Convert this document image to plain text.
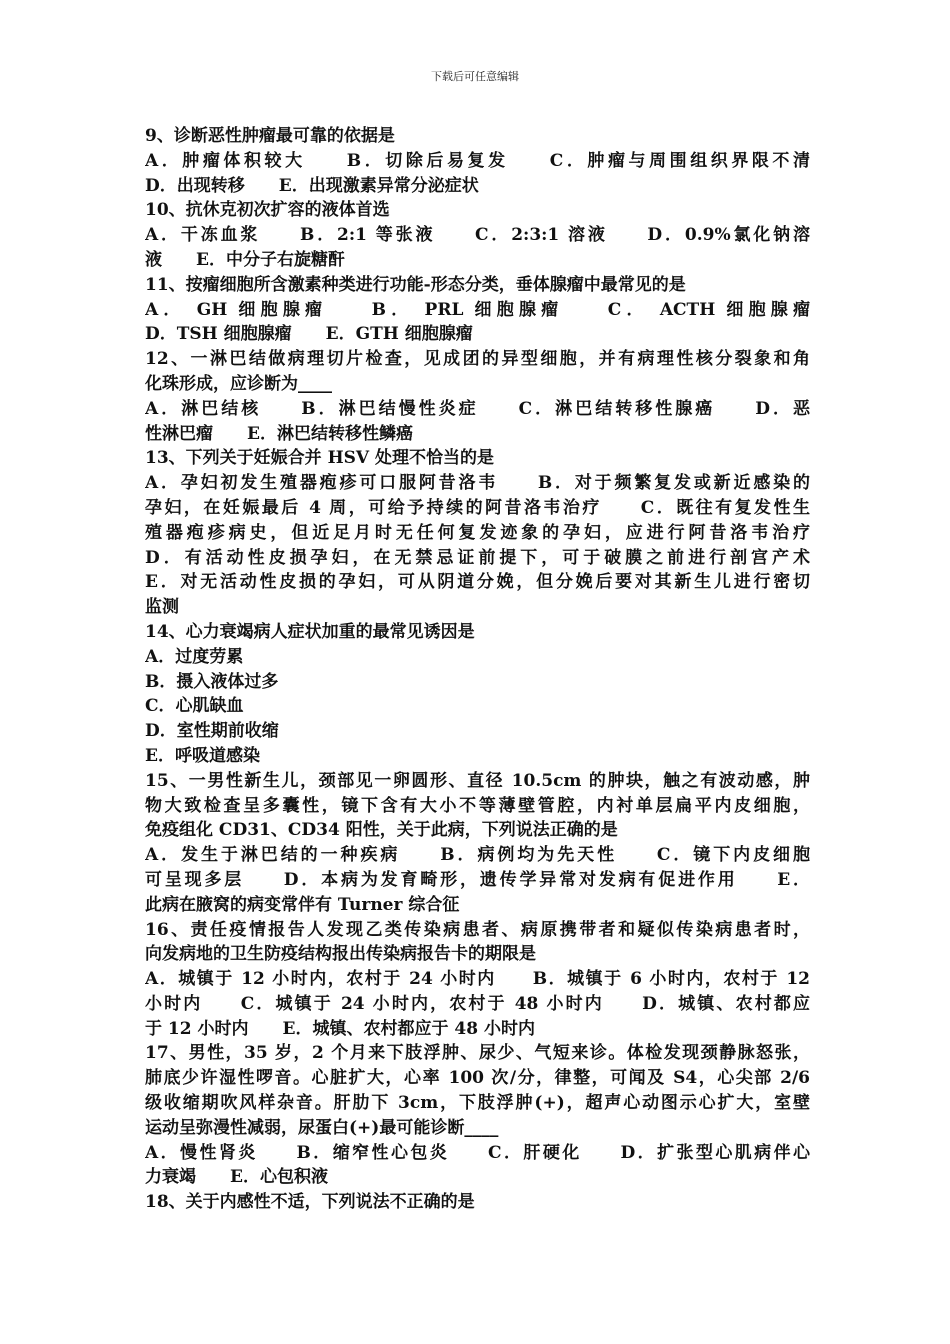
下载后可任意编辑
9、诊断恶性肿瘤最可靠的依据是
A．肿瘤体积较大　　B．切除后易复发　　C．肿瘤与周围组织界限不清
D．出现转移　　E．出现激素异常分泌症状
10、抗休克初次扩容的液体首选
A．干冻血浆　　B．2:1 等张液　　C．2:3:1 溶液　　D．0.9%氯化钠溶
液　　E．中分子右旋糖酐
11、按瘤细胞所含激素种类进行功能-形态分类，垂体腺瘤中最常见的是
A． GH 细胞腺瘤　　B． PRL 细胞腺瘤　　C． ACTH 细胞腺瘤
D．TSH 细胞腺瘤　　E．GTH 细胞腺瘤
12、一淋巴结做病理切片检查，见成团的异型细胞，并有病理性核分裂象和角
化珠形成，应诊断为____
A．淋巴结核　　B．淋巴结慢性炎症　　C．淋巴结转移性腺癌　　D．恶
性淋巴瘤　　E．淋巴结转移性鳞癌
13、下列关于妊娠合并 HSV 处理不恰当的是
A．孕妇初发生殖器疱疹可口服阿昔洛韦　　B．对于频繁复发或新近感染的
孕妇，在妊娠最后 4 周，可给予持续的阿昔洛韦治疗　　C．既往有复发性生
殖器疱疹病史，但近足月时无任何复发迹象的孕妇，应进行阿昔洛韦治疗
D．有活动性皮损孕妇，在无禁忌证前提下，可于破膜之前进行剖宫产术
E．对无活动性皮损的孕妇，可从阴道分娩，但分娩后要对其新生儿进行密切
监测
14、心力衰竭病人症状加重的最常见诱因是
A．过度劳累
B．摄入液体过多
C．心肌缺血
D．室性期前收缩
E．呼吸道感染
15、一男性新生儿，颈部见一卵圆形、直径 10.5cm 的肿块，触之有波动感，肿
物大致检查呈多囊性，镜下含有大小不等薄壁管腔，内衬单层扁平内皮细胞，
免疫组化 CD31、CD34 阳性，关于此病，下列说法正确的是
A．发生于淋巴结的一种疾病　　B．病例均为先天性　　C．镜下内皮细胞
可呈现多层　　D．本病为发育畸形，遗传学异常对发病有促进作用　　E．
此病在腋窝的病变常伴有 Turner 综合征
16、责任疫情报告人发现乙类传染病患者、病原携带者和疑似传染病患者时，
向发病地的卫生防疫结构报出传染病报告卡的期限是
A．城镇于 12 小时内，农村于 24 小时内　　B．城镇于 6 小时内，农村于 12
小时内　　C．城镇于 24 小时内，农村于 48 小时内　　D．城镇、农村都应
于 12 小时内　　E．城镇、农村都应于 48 小时内
17、男性，35 岁，2 个月来下肢浮肿、尿少、气短来诊。体检发现颈静脉怒张，
肺底少许湿性啰音。心脏扩大，心率 100 次/分，律整，可闻及 S4，心尖部 2/6
级收缩期吹风样杂音。肝肋下 3cm，下肢浮肿(+)，超声心动图示心扩大，室壁
运动呈弥漫性减弱，尿蛋白(+)最可能诊断____
A．慢性肾炎　　B．缩窄性心包炎　　C．肝硬化　　D．扩张型心肌病伴心
力衰竭　　E．心包积液
18、关于内感性不适，下列说法不正确的是
